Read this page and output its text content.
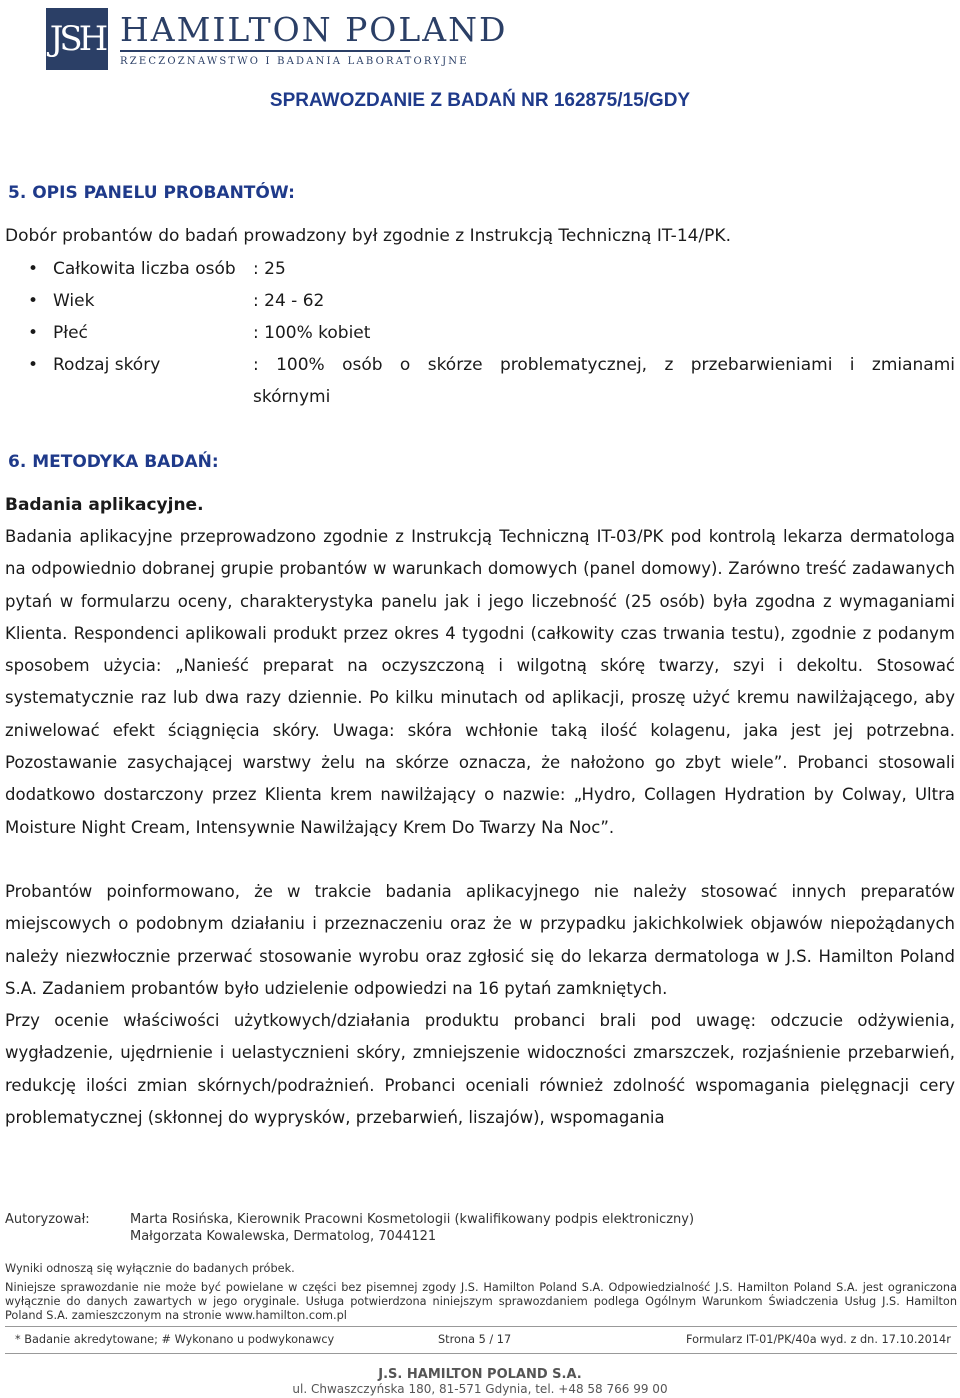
JSH HAMILTON POLAND
RZECZOZNAWSTWO I BADANIA LABORATORYJNE
SPRAWOZDANIE Z BADAŃ NR 162875/15/GDY
5. OPIS PANELU PROBANTÓW:
Dobór probantów do badań prowadzony był zgodnie z Instrukcją Techniczną IT-14/PK.
• Całkowita liczba osób	: 25
• Wiek	: 24 - 62
• Płeć	: 100% kobiet
• Rodzaj skóry	: 100% osób o skórze problematycznej, z przebarwieniami i zmianami
skórnymi
6. METODYKA BADAŃ:
Badania aplikacyjne.
Badania aplikacyjne przeprowadzono zgodnie z Instrukcją Techniczną IT-03/PK pod kontrolą lekarza dermatologa na odpowiednio dobranej grupie probantów w warunkach domowych (panel domowy). Zarówno treść zadawanych pytań w formularzu oceny, charakterystyka panelu jak i jego liczebność (25 osób) była zgodna z wymaganiami Klienta. Respondenci aplikowali produkt przez okres 4 tygodni (całkowity czas trwania testu), zgodnie z podanym sposobem użycia: „Nanieść preparat na oczyszczoną i wilgotną skórę twarzy, szyi i dekoltu. Stosować systematycznie raz lub dwa razy dziennie. Po kilku minutach od aplikacji, proszę użyć kremu nawilżającego, aby zniwelować efekt ściągnięcia skóry. Uwaga: skóra wchłonie taką ilość kolagenu, jaka jest jej potrzebna. Pozostawanie zasychającej warstwy żelu na skórze oznacza, że nałożono go zbyt wiele”. Probanci stosowali dodatkowo dostarczony przez Klienta krem nawilżający o nazwie: „Hydro, Collagen Hydration by Colway, Ultra Moisture Night Cream, Intensywnie Nawilżający Krem Do Twarzy Na Noc”.
Probantów poinformowano, że w trakcie badania aplikacyjnego nie należy stosować innych preparatów miejscowych o podobnym działaniu i przeznaczeniu oraz że w przypadku jakichkolwiek objawów niepożądanych należy niezwłocznie przerwać stosowanie wyrobu oraz zgłosić się do lekarza dermatologa w J.S. Hamilton Poland S.A. Zadaniem probantów było udzielenie odpowiedzi na 16 pytań zamkniętych.
Przy ocenie właściwości użytkowych/działania produktu probanci brali pod uwagę: odczucie odżywienia, wygładzenie, ujędrnienie i uelastycznieni skóry, zmniejszenie widoczności zmarszczek, rozjaśnienie przebarwień, redukcję ilości zmian skórnych/podrażnień. Probanci oceniali również zdolność wspomagania pielęgnacji cery problematycznej (skłonnej do wyprysków, przebarwień, liszajów), wspomagania
Autoryzował:	Marta Rosińska, Kierownik Pracowni Kosmetologii (kwalifikowany podpis elektroniczny)
Małgorzata Kowalewska, Dermatolog, 7044121
Wyniki odnoszą się wyłącznie do badanych próbek.
Niniejsze sprawozdanie nie może być powielane w części bez pisemnej zgody J.S. Hamilton Poland S.A. Odpowiedzialność J.S. Hamilton Poland S.A. jest ograniczona wyłącznie do danych zawartych w jego oryginale. Usługa potwierdzona niniejszym sprawozdaniem podlega Ogólnym Warunkom Świadczenia Usług J.S. Hamilton Poland S.A. zamieszczonym na stronie www.hamilton.com.pl
* Badanie akredytowane; # Wykonano u podwykonawcy	Strona 5 / 17	Formularz IT-01/PK/40a wyd. z dn. 17.10.2014r
J.S. HAMILTON POLAND S.A.
ul. Chwaszczyńska 180, 81-571 Gdynia, tel. +48 58 766 99 00
